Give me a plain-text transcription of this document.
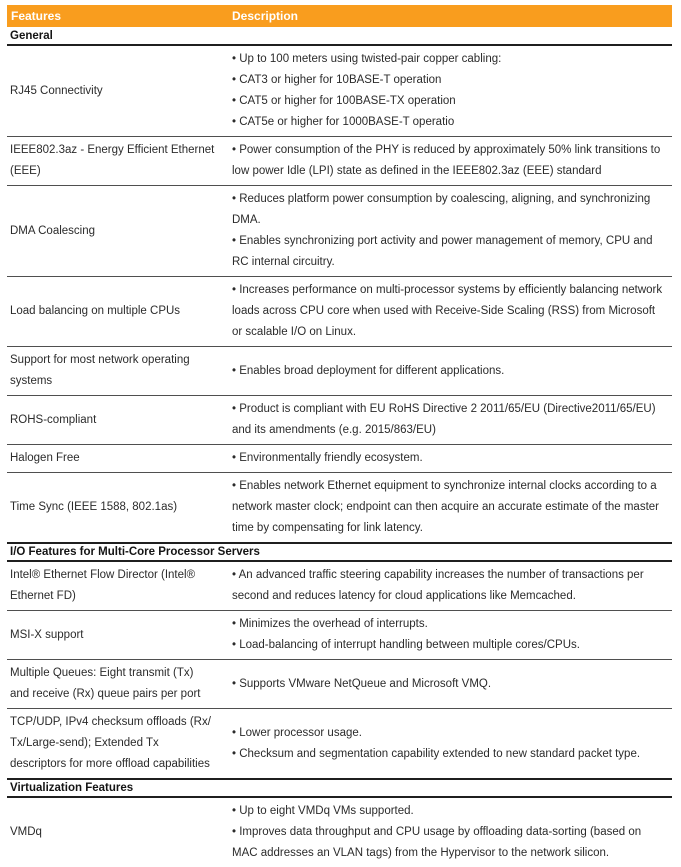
Features	Description
General	
RJ45 Connectivity	• Up to 100 meters using twisted-pair copper cabling:
• CAT3 or higher for 10BASE-T operation
• CAT5 or higher for 100BASE-TX operation
• CAT5e or higher for 1000BASE-T operatio

IEEE802.3az - Energy Efficient Ethernet (EEE)	• Power consumption of the PHY is reduced by approximately 50% link transitions to low power Idle (LPI) state as defined in the IEEE802.3az (EEE) standard

DMA Coalescing	• Reduces platform power consumption by coalescing, aligning, and synchronizing DMA.
• Enables synchronizing port activity and power management of memory, CPU and RC internal circuitry.

Load balancing on multiple CPUs	• Increases performance on multi-processor systems by efficiently balancing network loads across CPU core when used with Receive-Side Scaling (RSS) from Microsoft or scalable I/O on Linux.

Support for most network operating systems	• Enables broad deployment for different applications.

ROHS-compliant	• Product is compliant with EU RoHS Directive 2 2011/65/EU (Directive2011/65/EU) and its amendments (e.g. 2015/863/EU)

Halogen Free	• Environmentally friendly ecosystem.

Time Sync (IEEE 1588, 802.1as)	• Enables network Ethernet equipment to synchronize internal clocks according to a network master clock; endpoint can then acquire an accurate estimate of the master time by compensating for link latency.

I/O Features for Multi-Core Processor Servers	
Intel® Ethernet Flow Director (Intel® Ethernet FD)	• An advanced traffic steering capability increases the number of transactions per second and reduces latency for cloud applications like Memcached.

MSI-X support	• Minimizes the overhead of interrupts.
• Load-balancing of interrupt handling between multiple cores/CPUs.

Multiple Queues: Eight transmit (Tx) and receive (Rx) queue pairs per port	• Supports VMware NetQueue and Microsoft VMQ.

TCP/UDP, IPv4 checksum offloads (Rx/ Tx/Large-send); Extended Tx descriptors for more offload capabilities	• Lower processor usage.
• Checksum and segmentation capability extended to new standard packet type.

Virtualization Features	
VMDq	• Up to eight VMDq VMs supported.
• Improves data throughput and CPU usage by offloading data-sorting (based on MAC addresses an VLAN tags) from the Hypervisor to the network silicon.
